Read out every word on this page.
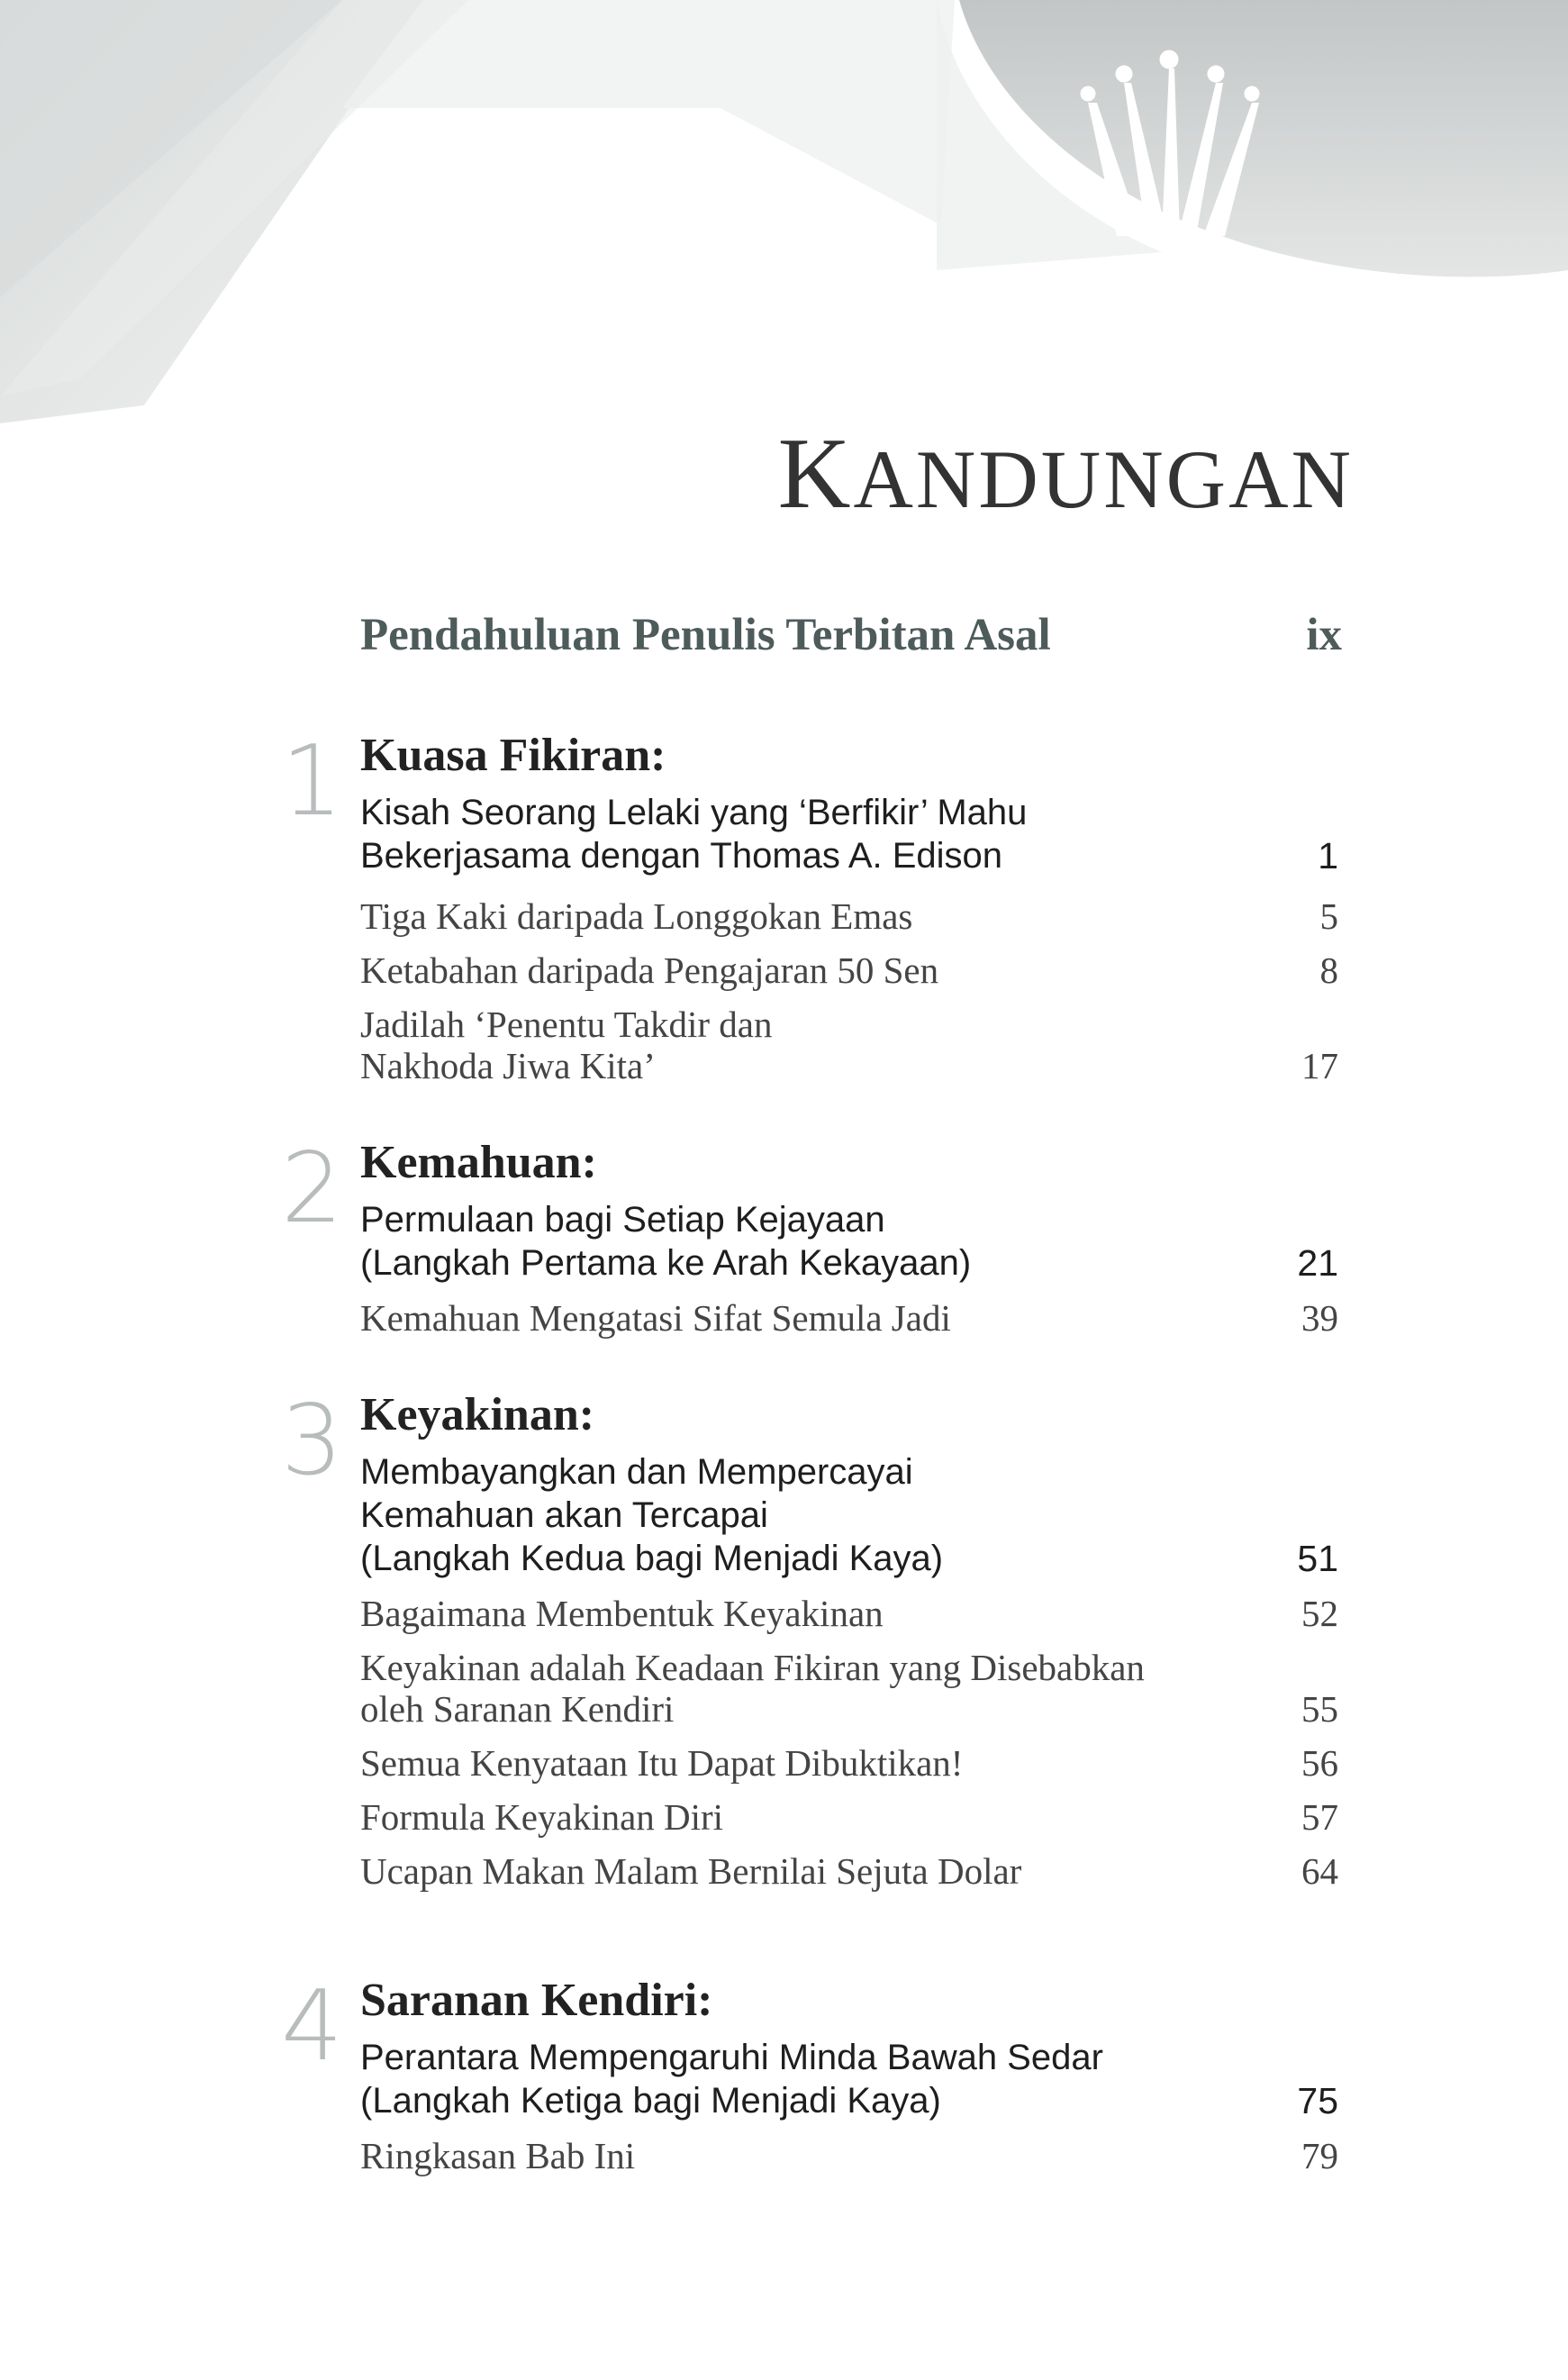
KANDUNGAN
Pendahuluan Penulis Terbitan Asal	ix
1 Kuasa Fikiran:
Kisah Seorang Lelaki yang ‘Berfikir’ Mahu
Bekerjasama dengan Thomas A. Edison	1
Tiga Kaki daripada Longgokan Emas	5
Ketabahan daripada Pengajaran 50 Sen	8
Jadilah ‘Penentu Takdir dan
Nakhoda Jiwa Kita’	17
2 Kemahuan:
Permulaan bagi Setiap Kejayaan
(Langkah Pertama ke Arah Kekayaan)	21
Kemahuan Mengatasi Sifat Semula Jadi	39
3 Keyakinan:
Membayangkan dan Mempercayai
Kemahuan akan Tercapai
(Langkah Kedua bagi Menjadi Kaya)	51
Bagaimana Membentuk Keyakinan	52
Keyakinan adalah Keadaan Fikiran yang Disebabkan
oleh Saranan Kendiri	55
Semua Kenyataan Itu Dapat Dibuktikan!	56
Formula Keyakinan Diri	57
Ucapan Makan Malam Bernilai Sejuta Dolar	64
4 Saranan Kendiri:
Perantara Mempengaruhi Minda Bawah Sedar
(Langkah Ketiga bagi Menjadi Kaya)	75
Ringkasan Bab Ini	79
